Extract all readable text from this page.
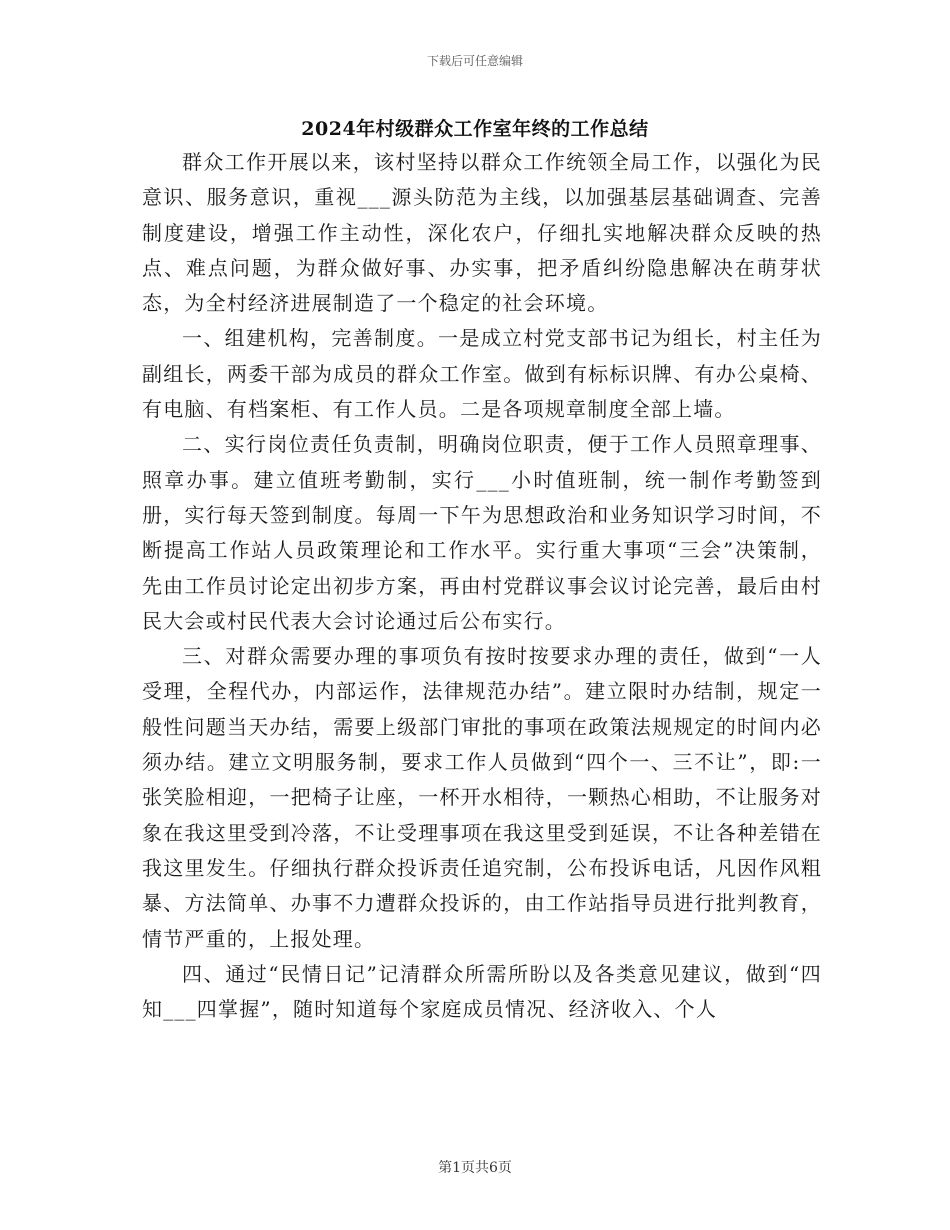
下载后可任意编辑
2024年村级群众工作室年终的工作总结

群众工作开展以来，该村坚持以群众工作统领全局工作，以强化为民意识、服务意识，重视___源头防范为主线，以加强基层基础调查、完善制度建设，增强工作主动性，深化农户，仔细扎实地解决群众反映的热点、难点问题，为群众做好事、办实事，把矛盾纠纷隐患解决在萌芽状态，为全村经济进展制造了一个稳定的社会环境。

一、组建机构，完善制度。一是成立村党支部书记为组长，村主任为副组长，两委干部为成员的群众工作室。做到有标标识牌、有办公桌椅、有电脑、有档案柜、有工作人员。二是各项规章制度全部上墙。

二、实行岗位责任负责制，明确岗位职责，便于工作人员照章理事、照章办事。建立值班考勤制，实行___小时值班制，统一制作考勤签到册，实行每天签到制度。每周一下午为思想政治和业务知识学习时间，不断提高工作站人员政策理论和工作水平。实行重大事项“三会”决策制，先由工作员讨论定出初步方案，再由村党群议事会议讨论完善，最后由村民大会或村民代表大会讨论通过后公布实行。

三、对群众需要办理的事项负有按时按要求办理的责任，做到“一人受理，全程代办，内部运作，法律规范办结”。建立限时办结制，规定一般性问题当天办结，需要上级部门审批的事项在政策法规规定的时间内必须办结。建立文明服务制，要求工作人员做到“四个一、三不让”，即:一张笑脸相迎，一把椅子让座，一杯开水相待，一颗热心相助，不让服务对象在我这里受到冷落，不让受理事项在我这里受到延误，不让各种差错在我这里发生。仔细执行群众投诉责任追究制，公布投诉电话，凡因作风粗暴、方法简单、办事不力遭群众投诉的，由工作站指导员进行批判教育，情节严重的，上报处理。

四、通过“民情日记”记清群众所需所盼以及各类意见建议，做到“四知___四掌握”，随时知道每个家庭成员情况、经济收入、个人

第1页共6页
